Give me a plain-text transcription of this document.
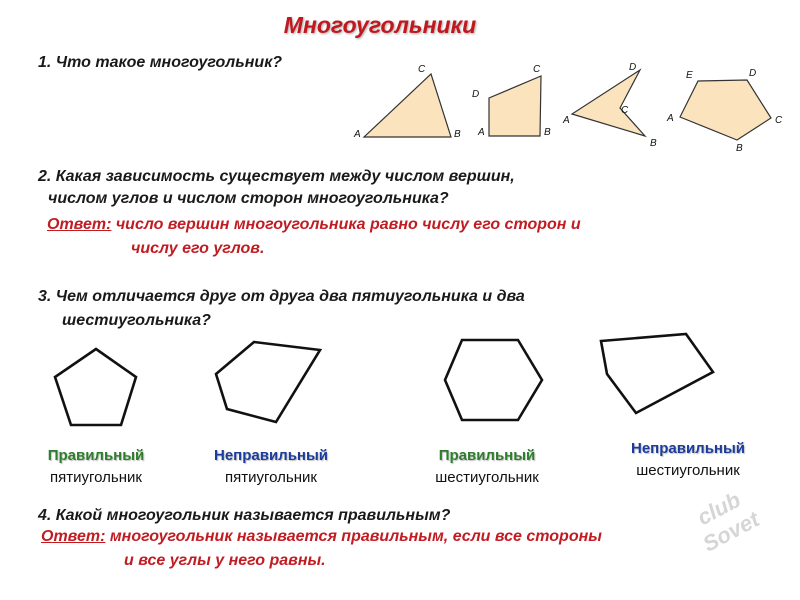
Многоугольники
1. Что такое многоугольник?
A	B
C
A	B
C
D
A
B
C
D
A
B
C
D
E
2. Какая зависимость существует между числом вершин,
числом углов и числом сторон многоугольника?
Ответ: число вершин многоугольника равно числу его сторон и
числу его углов.
3. Чем отличается друг от друга два пятиугольника и два
шестиугольника?
Правильный
пятиугольник
Неправильный
пятиугольник
Правильный
шестиугольник
Неправильный
шестиугольник
4. Какой многоугольник называется правильным?
Ответ: многоугольник называется правильным, если все стороны
и все углы у него равны.
club Sovet
